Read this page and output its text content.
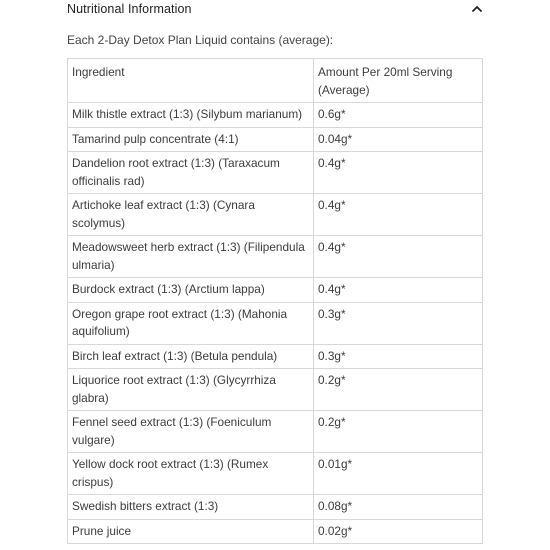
Nutritional Information
Each 2-Day Detox Plan Liquid contains (average):
Ingredient	Amount Per 20ml Serving (Average)
Milk thistle extract (1:3) (Silybum marianum)	0.6g*
Tamarind pulp concentrate (4:1)	0.04g*
Dandelion root extract (1:3) (Taraxacum officinalis rad)	0.4g*
Artichoke leaf extract (1:3) (Cynara scolymus)	0.4g*
Meadowsweet herb extract (1:3) (Filipendula ulmaria)	0.4g*
Burdock extract (1:3) (Arctium lappa)	0.4g*
Oregon grape root extract (1:3) (Mahonia aquifolium)	0.3g*
Birch leaf extract (1:3) (Betula pendula)	0.3g*
Liquorice root extract (1:3) (Glycyrrhiza glabra)	0.2g*
Fennel seed extract (1:3) (Foeniculum vulgare)	0.2g*
Yellow dock root extract (1:3) (Rumex crispus)	0.01g*
Swedish bitters extract (1:3)	0.08g*
Prune juice	0.02g*
